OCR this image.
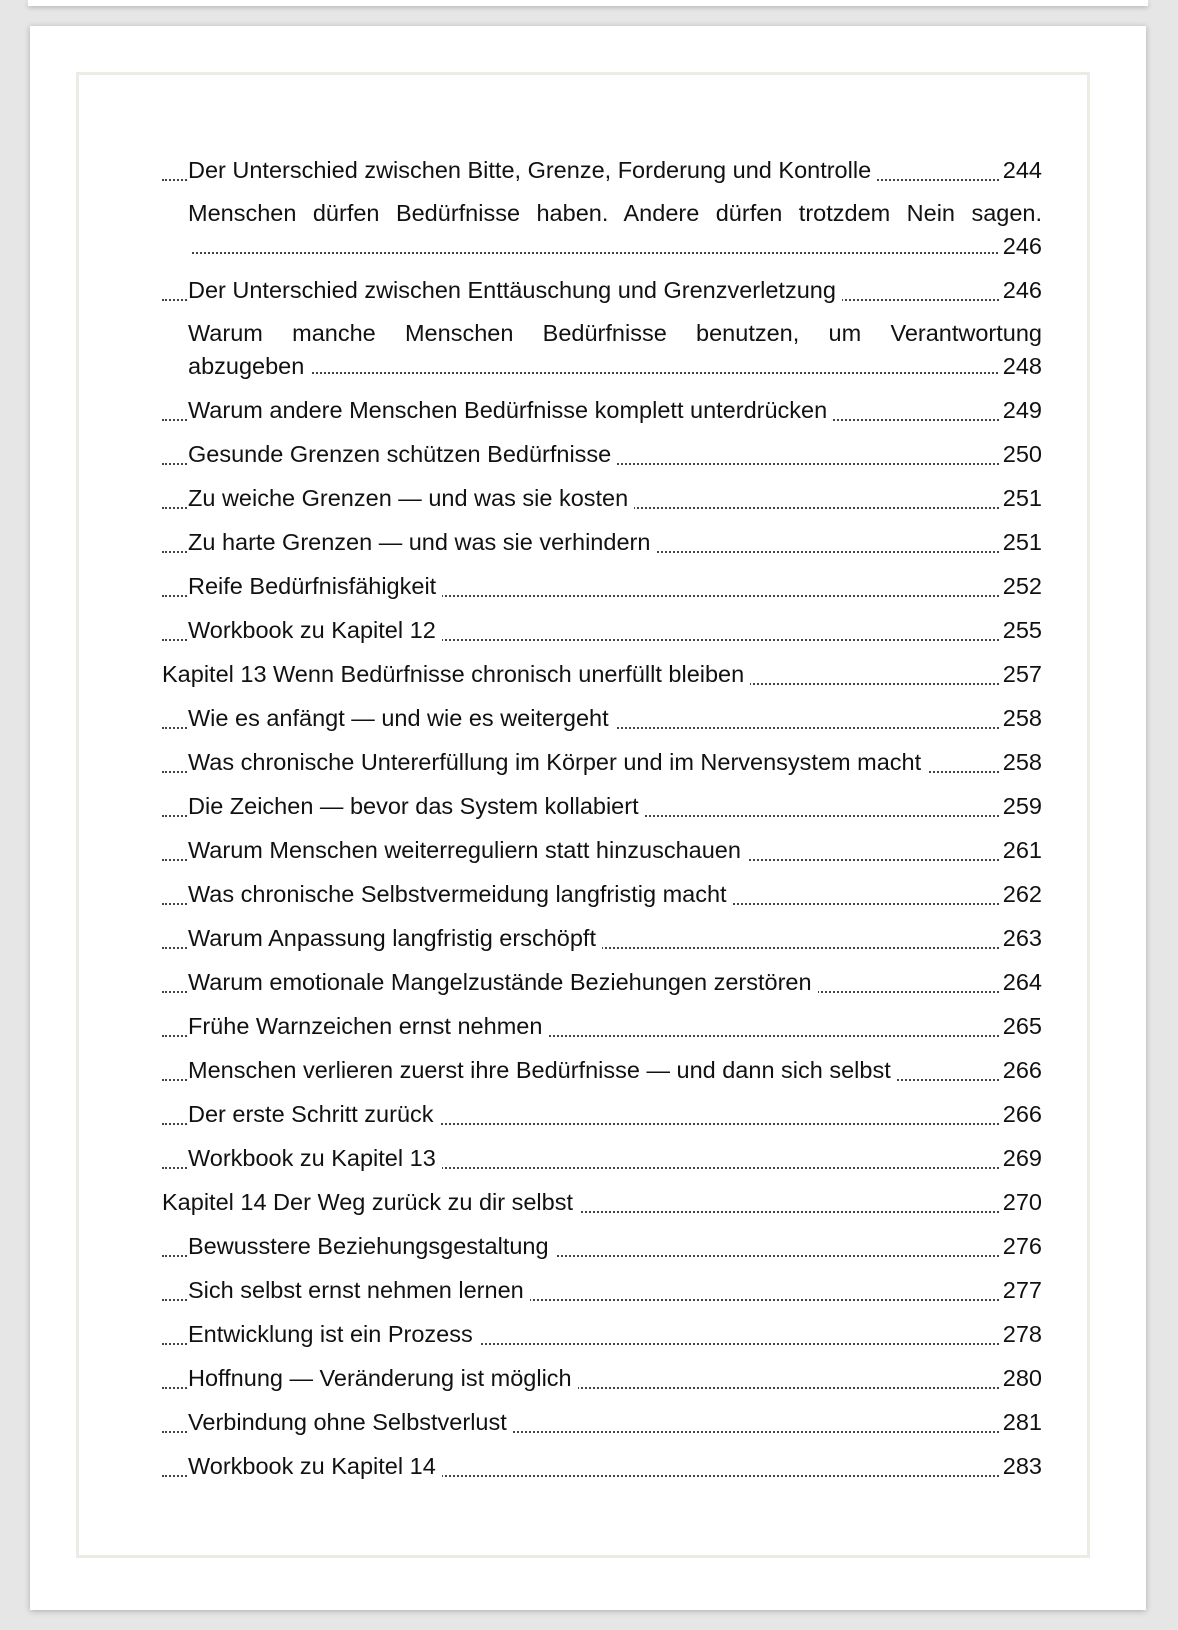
Der Unterschied zwischen Bitte, Grenze, Forderung und Kontrolle	244
Menschen dürfen Bedürfnisse haben. Andere dürfen trotzdem Nein sagen.
246
Der Unterschied zwischen Enttäuschung und Grenzverletzung	246
Warum manche Menschen Bedürfnisse benutzen, um Verantwortung
abzugeben	248
Warum andere Menschen Bedürfnisse komplett unterdrücken	249
Gesunde Grenzen schützen Bedürfnisse	250
Zu weiche Grenzen — und was sie kosten	251
Zu harte Grenzen — und was sie verhindern	251
Reife Bedürfnisfähigkeit	252
Workbook zu Kapitel 12	255
Kapitel 13 Wenn Bedürfnisse chronisch unerfüllt bleiben	257
Wie es anfängt — und wie es weitergeht	258
Was chronische Untererfüllung im Körper und im Nervensystem macht	258
Die Zeichen — bevor das System kollabiert	259
Warum Menschen weiterreguliern statt hinzuschauen	261
Was chronische Selbstvermeidung langfristig macht	262
Warum Anpassung langfristig erschöpft	263
Warum emotionale Mangelzustände Beziehungen zerstören	264
Frühe Warnzeichen ernst nehmen	265
Menschen verlieren zuerst ihre Bedürfnisse — und dann sich selbst	266
Der erste Schritt zurück	266
Workbook zu Kapitel 13	269
Kapitel 14 Der Weg zurück zu dir selbst	270
Bewusstere Beziehungsgestaltung	276
Sich selbst ernst nehmen lernen	277
Entwicklung ist ein Prozess	278
Hoffnung — Veränderung ist möglich	280
Verbindung ohne Selbstverlust	281
Workbook zu Kapitel 14	283
